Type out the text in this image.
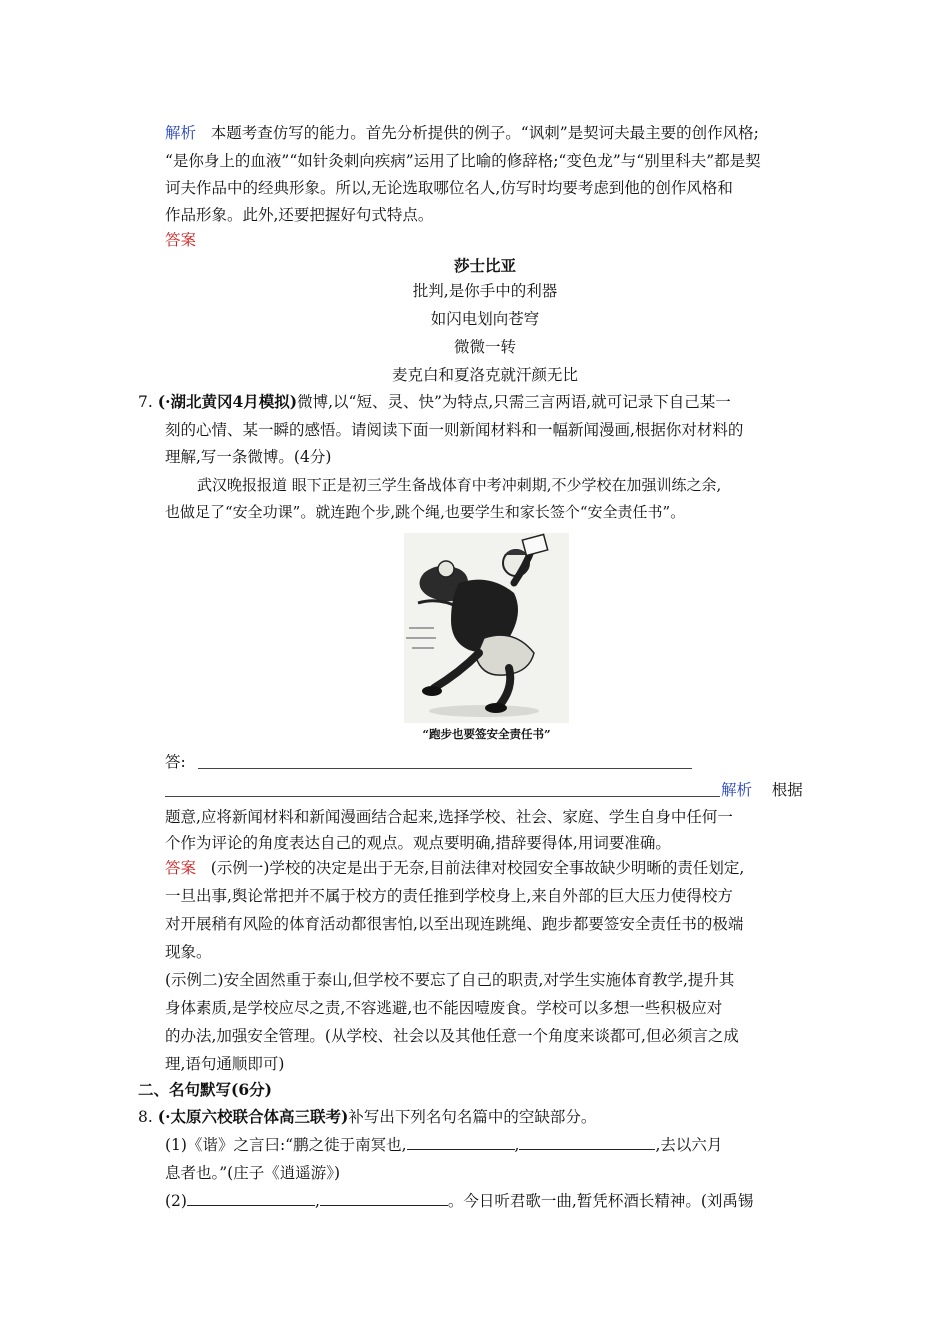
解析 本题考查仿写的能力。首先分析提供的例子。“讽刺”是契诃夫最主要的创作风格;
“是你身上的血液”“如针灸刺向疾病”运用了比喻的修辞格;“变色龙”与“别里科夫”都是契
诃夫作品中的经典形象。所以,无论选取哪位名人,仿写时均要考虑到他的创作风格和
作品形象。此外,还要把握好句式特点。
答案
莎士比亚
批判,是你手中的利器
如闪电划向苍穹
微微一转
麦克白和夏洛克就汗颜无比
7. (·湖北黄冈4月模拟)微博,以“短、灵、快”为特点,只需三言两语,就可记录下自己某一
刻的心情、某一瞬的感悟。请阅读下面一则新闻材料和一幅新闻漫画,根据你对材料的
理解,写一条微博。(4分)
武汉晚报报道 眼下正是初三学生备战体育中考冲刺期,不少学校在加强训练之余,
也做足了“安全功课”。就连跑个步,跳个绳,也要学生和家长签个“安全责任书”。
“跑步也要签安全责任书”
答:
解析 根据
题意,应将新闻材料和新闻漫画结合起来,选择学校、社会、家庭、学生自身中任何一
个作为评论的角度表达自己的观点。观点要明确,措辞要得体,用词要准确。
答案 (示例一)学校的决定是出于无奈,目前法律对校园安全事故缺少明晰的责任划定,
一旦出事,舆论常把并不属于校方的责任推到学校身上,来自外部的巨大压力使得校方
对开展稍有风险的体育活动都很害怕,以至出现连跳绳、跑步都要签安全责任书的极端
现象。
(示例二)安全固然重于泰山,但学校不要忘了自己的职责,对学生实施体育教学,提升其
身体素质,是学校应尽之责,不容逃避,也不能因噎废食。学校可以多想一些积极应对
的办法,加强安全管理。(从学校、社会以及其他任意一个角度来谈都可,但必须言之成
理,语句通顺即可)
二、名句默写(6分)
8. (·太原六校联合体高三联考)补写出下列名句名篇中的空缺部分。
(1)《谐》之言曰:“鹏之徙于南冥也,	,	,去以六月
息者也。”(庄子《逍遥游》)
(2)	,	。今日听君歌一曲,暂凭杯酒长精神。(刘禹锡
